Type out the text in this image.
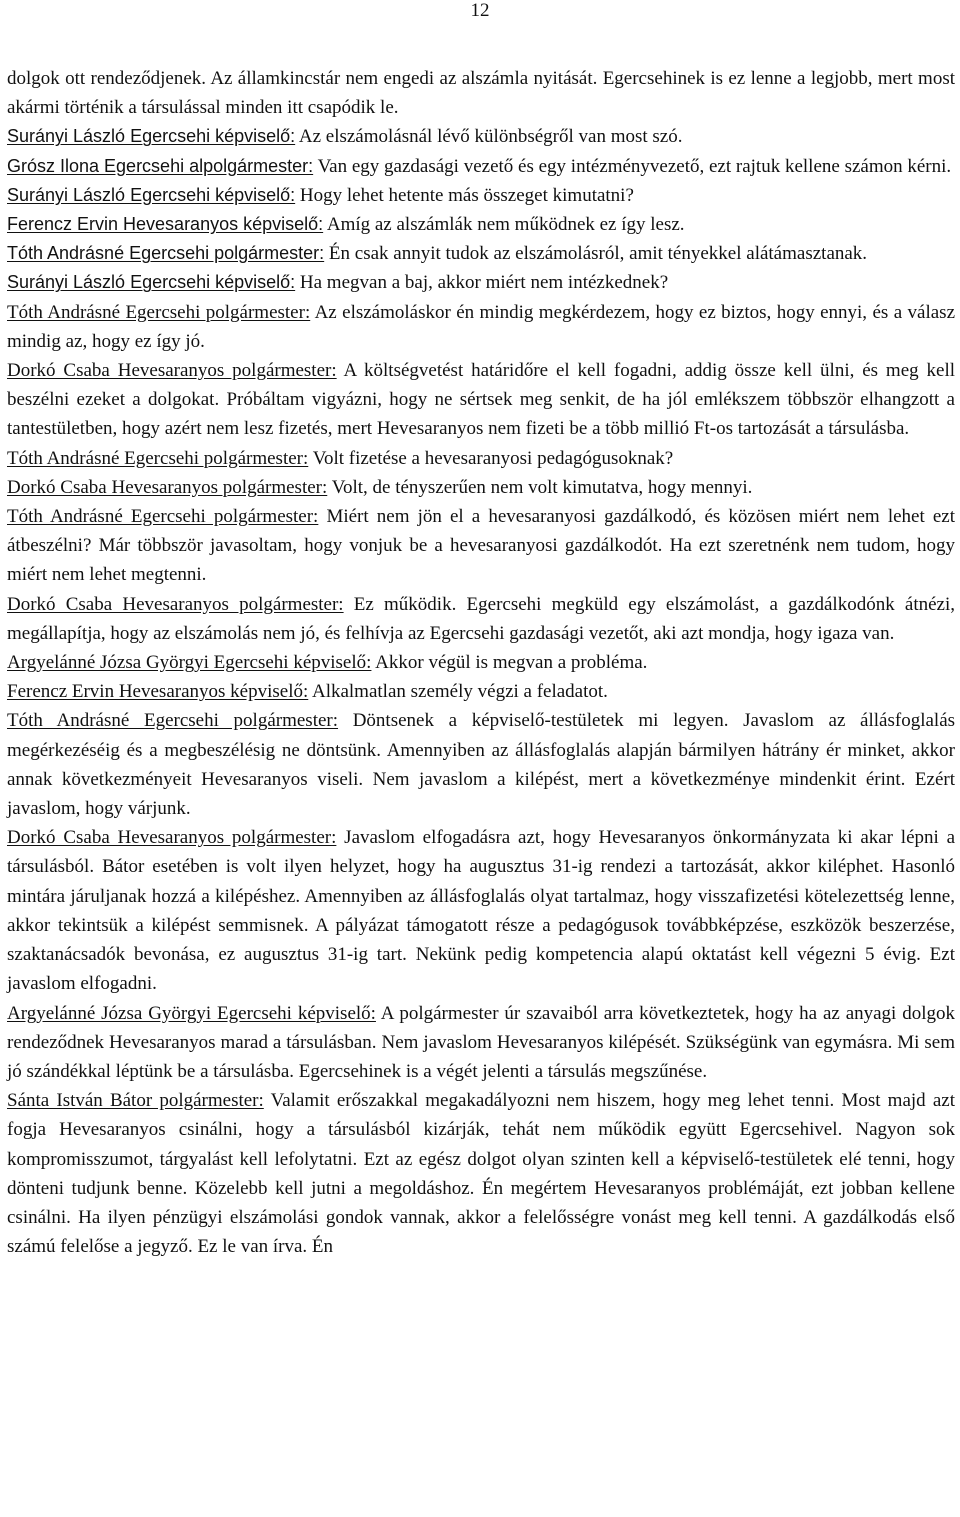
12

dolgok ott rendeződjenek. Az államkincstár nem engedi az alszámla nyitását. Egercsehinek is ez lenne a legjobb, mert most akármi történik a társulással minden itt csapódik le.

Surányi László Egercsehi képviselő: Az elszámolásnál lévő különbségről van most szó.

Grósz Ilona Egercsehi alpolgármester: Van egy gazdasági vezető és egy intézményvezető, ezt rajtuk kellene számon kérni.

Surányi László Egercsehi képviselő: Hogy lehet hetente más összeget kimutatni?

Ferencz Ervin Hevesaranyos képviselő: Amíg az alszámlák nem működnek ez így lesz.

Tóth Andrásné Egercsehi polgármester: Én csak annyit tudok az elszámolásról, amit tényekkel alátámasztanak.

Surányi László Egercsehi képviselő: Ha megvan a baj, akkor miért nem intézkednek?

Tóth Andrásné Egercsehi polgármester: Az elszámoláskor én mindig megkérdezem, hogy ez biztos, hogy ennyi, és a válasz mindig az, hogy ez így jó.

Dorkó Csaba Hevesaranyos polgármester: A költségvetést határidőre el kell fogadni, addig össze kell ülni, és meg kell beszélni ezeket a dolgokat. Próbáltam vigyázni, hogy ne sértsek meg senkit, de ha jól emlékszem többször elhangzott a tantestületben, hogy azért nem lesz fizetés, mert Hevesaranyos nem fizeti be a több millió Ft-os tartozását a társulásba.

Tóth Andrásné Egercsehi polgármester: Volt fizetése a hevesaranyosi pedagógusoknak?

Dorkó Csaba Hevesaranyos polgármester: Volt, de tényszerűen nem volt kimutatva, hogy mennyi.

Tóth Andrásné Egercsehi polgármester: Miért nem jön el a hevesaranyosi gazdálkodó, és közösen miért nem lehet ezt átbeszélni? Már többször javasoltam, hogy vonjuk be a hevesaranyosi gazdálkodót. Ha ezt szeretnénk nem tudom, hogy miért nem lehet megtenni.

Dorkó Csaba Hevesaranyos polgármester: Ez működik. Egercsehi megküld egy elszámolást, a gazdálkodónk átnézi, megállapítja, hogy az elszámolás nem jó, és felhívja az Egercsehi gazdasági vezetőt, aki azt mondja, hogy igaza van.

Argyelánné Józsa Györgyi Egercsehi képviselő: Akkor végül is megvan a probléma.

Ferencz Ervin Hevesaranyos képviselő: Alkalmatlan személy végzi a feladatot.

Tóth Andrásné Egercsehi polgármester: Döntsenek a képviselő-testületek mi legyen. Javaslom az állásfoglalás megérkezéséig és a megbeszélésig ne döntsünk. Amennyiben az állásfoglalás alapján bármilyen hátrány ér minket, akkor annak következményeit Hevesaranyos viseli. Nem javaslom a kilépést, mert a következménye mindenkit érint. Ezért javaslom, hogy várjunk.

Dorkó Csaba Hevesaranyos polgármester: Javaslom elfogadásra azt, hogy Hevesaranyos önkormányzata ki akar lépni a társulásból. Bátor esetében is volt ilyen helyzet, hogy ha augusztus 31-ig rendezi a tartozását, akkor kiléphet. Hasonló mintára járuljanak hozzá a kilépéshez. Amennyiben az állásfoglalás olyat tartalmaz, hogy visszafizetési kötelezettség lenne, akkor tekintsük a kilépést semmisnek. A pályázat támogatott része a pedagógusok továbbképzése, eszközök beszerzése, szaktanácsadók bevonása, ez augusztus 31-ig tart. Nekünk pedig kompetencia alapú oktatást kell végezni 5 évig. Ezt javaslom elfogadni.

Argyelánné Józsa Györgyi Egercsehi képviselő: A polgármester úr szavaiból arra következtetek, hogy ha az anyagi dolgok rendeződnek Hevesaranyos marad a társulásban. Nem javaslom Hevesaranyos kilépését. Szükségünk van egymásra. Mi sem jó szándékkal léptünk be a társulásba. Egercsehinek is a végét jelenti a társulás megszűnése.

Sánta István Bátor polgármester: Valamit erőszakkal megakadályozni nem hiszem, hogy meg lehet tenni. Most majd azt fogja Hevesaranyos csinálni, hogy a társulásból kizárják, tehát nem működik együtt Egercsehivel. Nagyon sok kompromisszumot, tárgyalást kell lefolytatni. Ezt az egész dolgot olyan szinten kell a képviselő-testületek elé tenni, hogy dönteni tudjunk benne. Közelebb kell jutni a megoldáshoz. Én megértem Hevesaranyos problémáját, ezt jobban kellene csinálni. Ha ilyen pénzügyi elszámolási gondok vannak, akkor a felelősségre vonást meg kell tenni. A gazdálkodás első számú felelőse a jegyző. Ez le van írva. Én
